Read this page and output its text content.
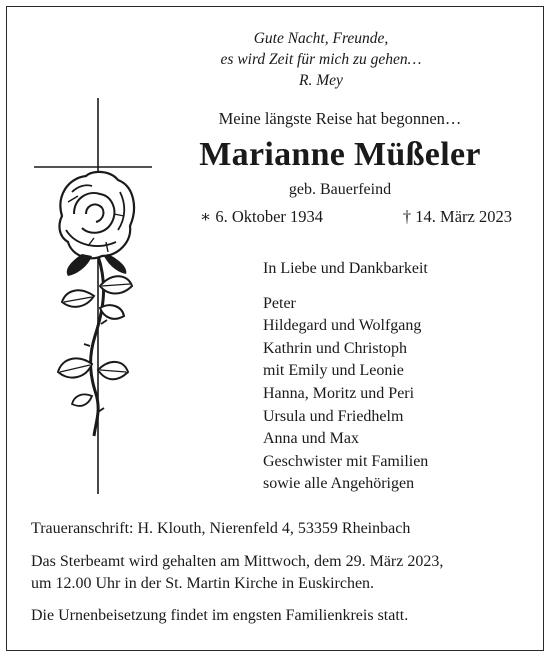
Gute Nacht, Freunde,
es wird Zeit für mich zu gehen…
R. Mey
Meine längste Reise hat begonnen…
Marianne Müßeler
geb. Bauerfeind
∗ 6. Oktober 1934	† 14. März 2023
In Liebe und Dankbarkeit
Peter
Hildegard und Wolfgang
Kathrin und Christoph
mit Emily und Leonie
Hanna, Moritz und Peri
Ursula und Friedhelm
Anna und Max
Geschwister mit Familien
sowie alle Angehörigen
Traueranschrift: H. Klouth, Nierenfeld 4, 53359 Rheinbach
Das Sterbeamt wird gehalten am Mittwoch, dem 29. März 2023,
um 12.00 Uhr in der St. Martin Kirche in Euskirchen.
Die Urnenbeisetzung findet im engsten Familienkreis statt.
